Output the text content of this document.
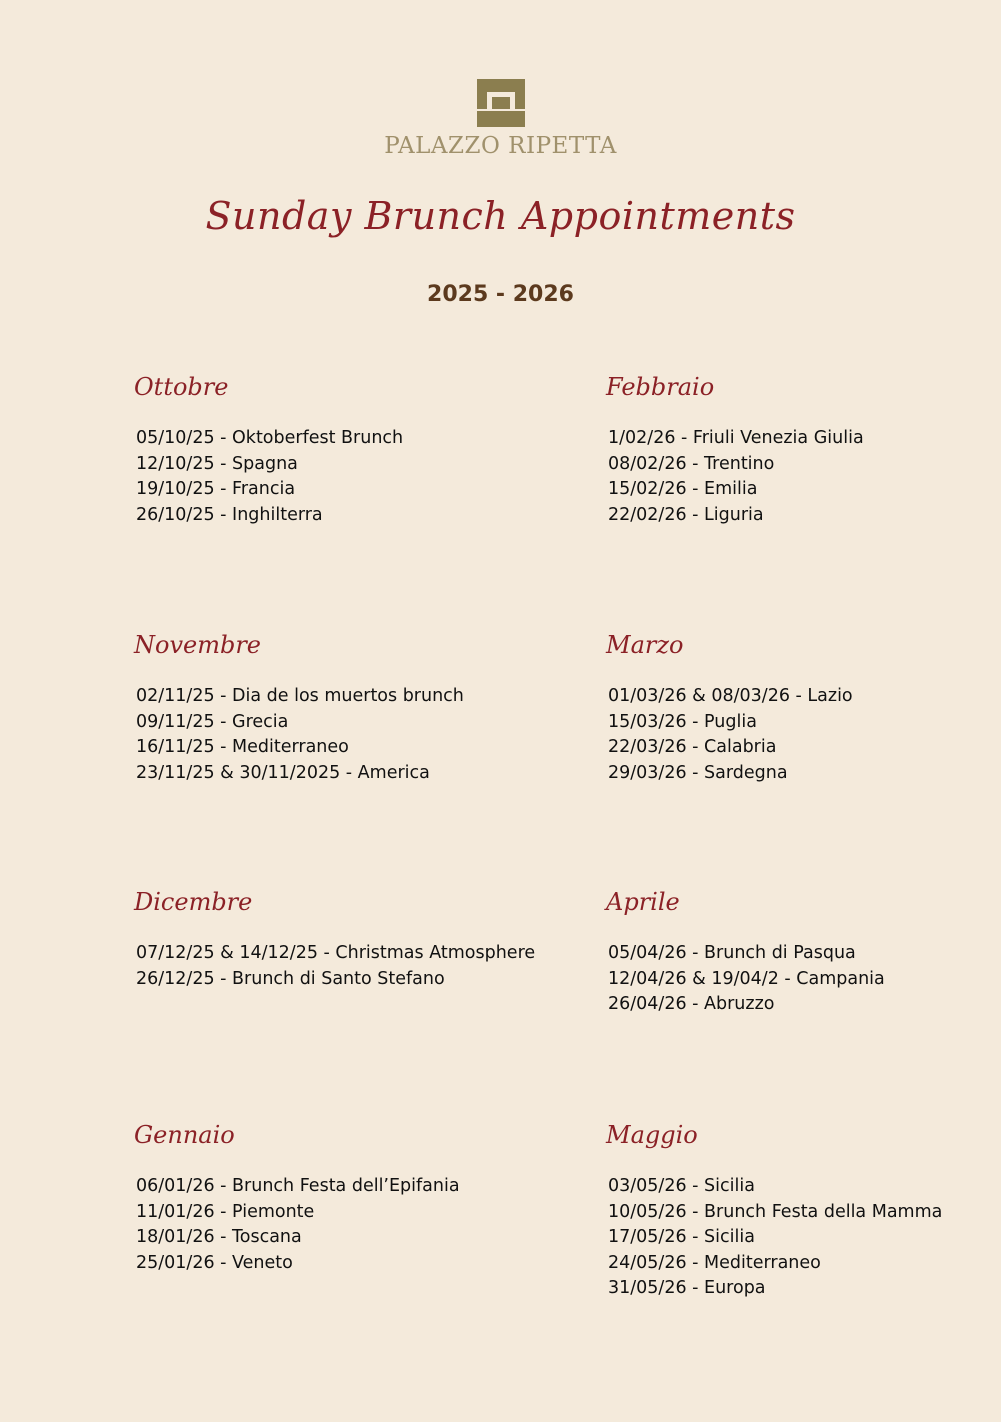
PALAZZO RIPETTA
Sunday Brunch Appointments
2025 - 2026
Ottobre
05/10/25 - Oktoberfest Brunch
12/10/25 - Spagna
19/10/25 - Francia
26/10/25 - Inghilterra
Febbraio
1/02/26 - Friuli Venezia Giulia
08/02/26 - Trentino
15/02/26 - Emilia
22/02/26 - Liguria
Novembre
02/11/25 - Dia de los muertos brunch
09/11/25 - Grecia
16/11/25 - Mediterraneo
23/11/25 & 30/11/2025 - America
Marzo
01/03/26 & 08/03/26 - Lazio
15/03/26 - Puglia
22/03/26 - Calabria
29/03/26 - Sardegna
Dicembre
07/12/25 & 14/12/25 - Christmas Atmosphere
26/12/25 - Brunch di Santo Stefano
Aprile
05/04/26 - Brunch di Pasqua
12/04/26 & 19/04/2 - Campania
26/04/26 - Abruzzo
Gennaio
06/01/26 - Brunch Festa dell’Epifania
11/01/26 - Piemonte
18/01/26 - Toscana
25/01/26 - Veneto
Maggio
03/05/26 - Sicilia
10/05/26 - Brunch Festa della Mamma
17/05/26 - Sicilia
24/05/26 - Mediterraneo
31/05/26 - Europa
